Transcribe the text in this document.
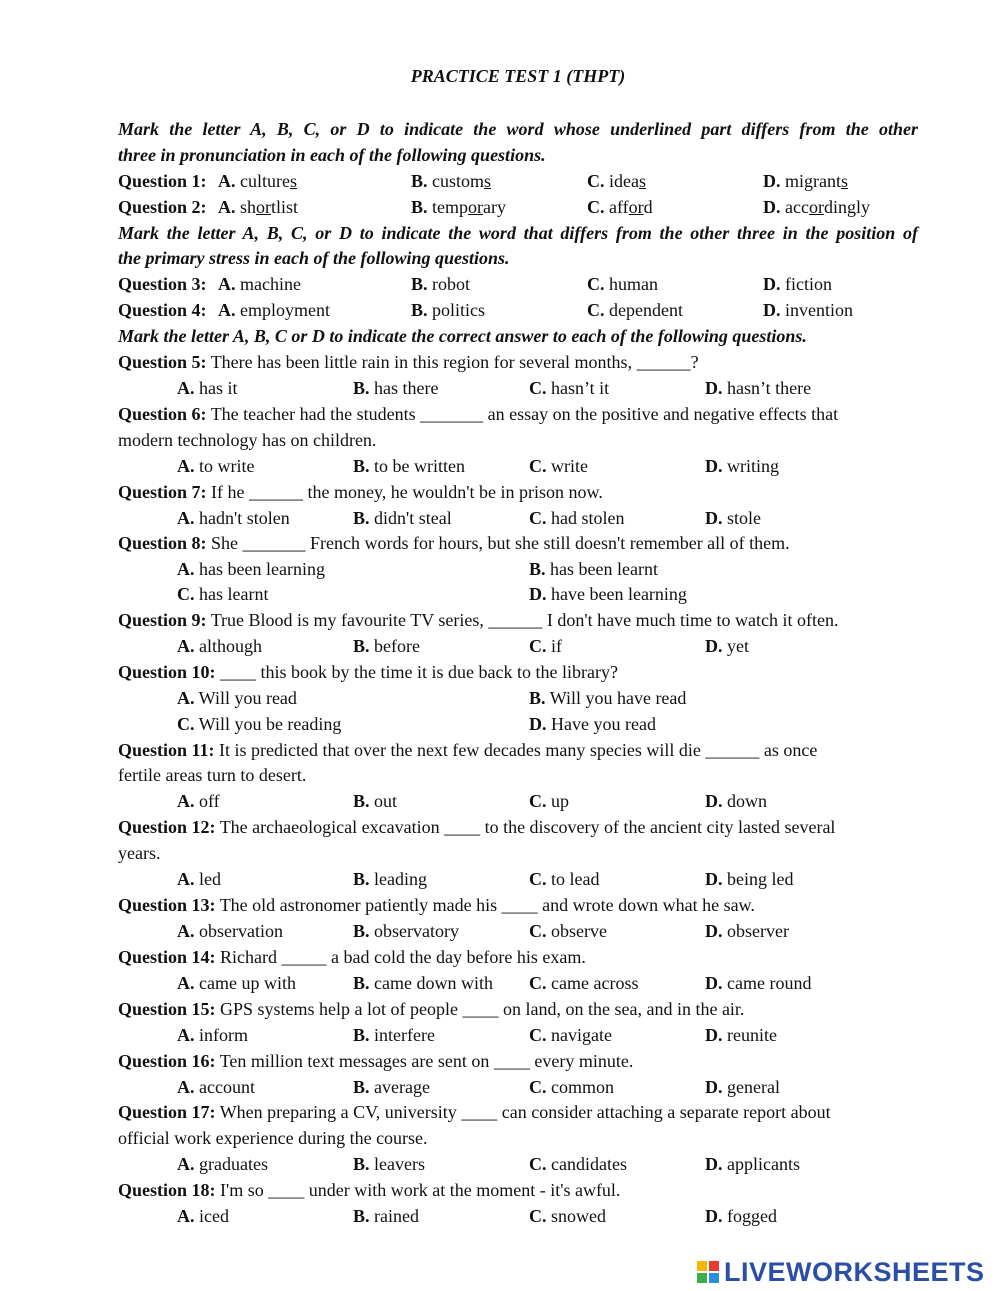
PRACTICE TEST 1 (THPT)
Mark the letter A, B, C, or D to indicate the word whose underlined part differs from the other
three in pronunciation in each of the following questions.
Question 1: A. cultures	B. customs	C. ideas	D. migrants
Question 2: A. shortlist	B. temporary	C. afford	D. accordingly
Mark the letter A, B, C, or D to indicate the word that differs from the other three in the position of
the primary stress in each of the following questions.
Question 3: A. machine	B. robot	C. human	D. fiction
Question 4: A. employment	B. politics	C. dependent	D. invention
Mark the letter A, B, C or D to indicate the correct answer to each of the following questions.
Question 5: There has been little rain in this region for several months, ______?
A. has it	B. has there	C. hasn’t it	D. hasn’t there
Question 6: The teacher had the students _______ an essay on the positive and negative effects that
modern technology has on children.
A. to write	B. to be written	C. write	D. writing
Question 7: If he ______ the money, he wouldn't be in prison now.
A. hadn't stolen	B. didn't steal	C. had stolen	D. stole
Question 8: She _______ French words for hours, but she still doesn't remember all of them.
A. has been learning	B. has been learnt
C. has learnt	D. have been learning
Question 9: True Blood is my favourite TV series, ______ I don't have much time to watch it often.
A. although	B. before	C. if	D. yet
Question 10: ____ this book by the time it is due back to the library?
A. Will you read	B. Will you have read
C. Will you be reading	D. Have you read
Question 11: It is predicted that over the next few decades many species will die ______ as once
fertile areas turn to desert.
A. off	B. out	C. up	D. down
Question 12: The archaeological excavation ____ to the discovery of the ancient city lasted several
years.
A. led	B. leading	C. to lead	D. being led
Question 13: The old astronomer patiently made his ____ and wrote down what he saw.
A. observation	B. observatory	C. observe	D. observer
Question 14: Richard _____ a bad cold the day before his exam.
A. came up with	B. came down with C. came across	D. came round
Question 15: GPS systems help a lot of people ____ on land, on the sea, and in the air.
A. inform	B. interfere	C. navigate	D. reunite
Question 16: Ten million text messages are sent on ____ every minute.
A. account	B. average	C. common	D. general
Question 17: When preparing a CV, university ____ can consider attaching a separate report about
official work experience during the course.
A. graduates	B. leavers	C. candidates	D. applicants
Question 18: I'm so ____ under with work at the moment - it's awful.
A. iced	B. rained	C. snowed	D. fogged
LIVEWORKSHEETS
